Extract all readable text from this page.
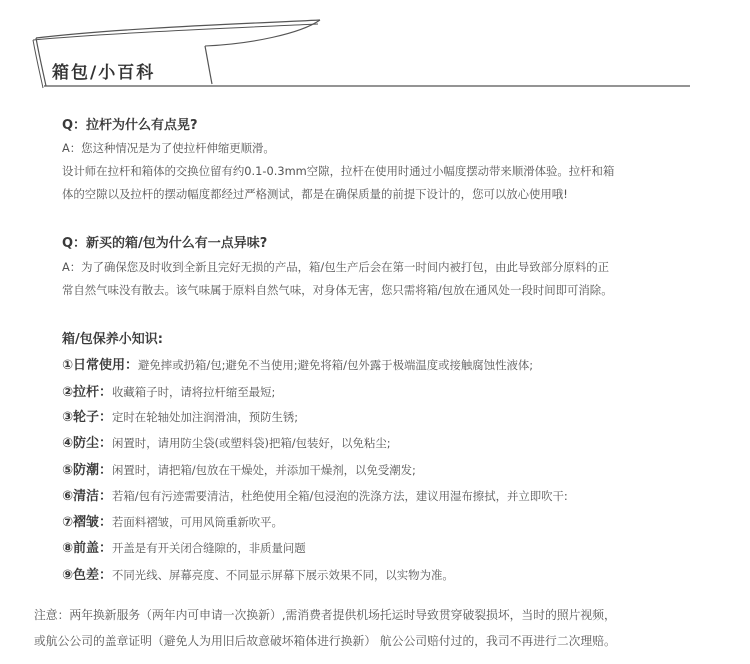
箱包/小百科
Q：拉杆为什么有点晃?
A：您这种情况是为了使拉杆伸缩更顺滑。
设计师在拉杆和箱体的交换位留有约0.1-0.3mm空隙，拉杆在使用时通过小幅度摆动带来顺滑体验。拉杆和箱
体的空隙以及拉杆的摆动幅度都经过严格测试，都是在确保质量的前提下设计的，您可以放心使用哦!
Q：新买的箱/包为什么有一点异味?
A：为了确保您及时收到全新且完好无损的产品，箱/包生产后会在第一时间内被打包，由此导致部分原料的正
常自然气味没有散去。该气味属于原料自然气味，对身体无害，您只需将箱/包放在通风处一段时间即可消除。
箱/包保养小知识:
①日常使用：避免摔或扔箱/包;避免不当使用;避免将箱/包外露于极端温度或接触腐蚀性液体;
②拉杆：收藏箱子时，请将拉杆缩至最短;
③轮子：定时在轮轴处加注润滑油，预防生锈;
④防尘：闲置时，请用防尘袋(或塑料袋)把箱/包装好，以免粘尘;
⑤防潮：闲置时，请把箱/包放在干燥处，并添加干燥剂，以免受潮发;
⑥清洁：若箱/包有污迹需要清洁，杜绝使用全箱/包浸泡的洗涤方法，建议用湿布擦拭，并立即吹干:
⑦褶皱：若面料褶皱，可用风筒重新吹平。
⑧前盖：开盖是有开关闭合缝隙的，非质量问题
⑨色差：不同光线、屏幕亮度、不同显示屏幕下展示效果不同，以实物为准。
注意：两年换新服务（两年内可申请一次换新）,需消费者提供机场托运时导致贯穿破裂损坏，当时的照片视频，
或航公公司的盖章证明（避免人为用旧后故意破坏箱体进行换新） 航公公司赔付过的，我司不再进行二次理赔。
